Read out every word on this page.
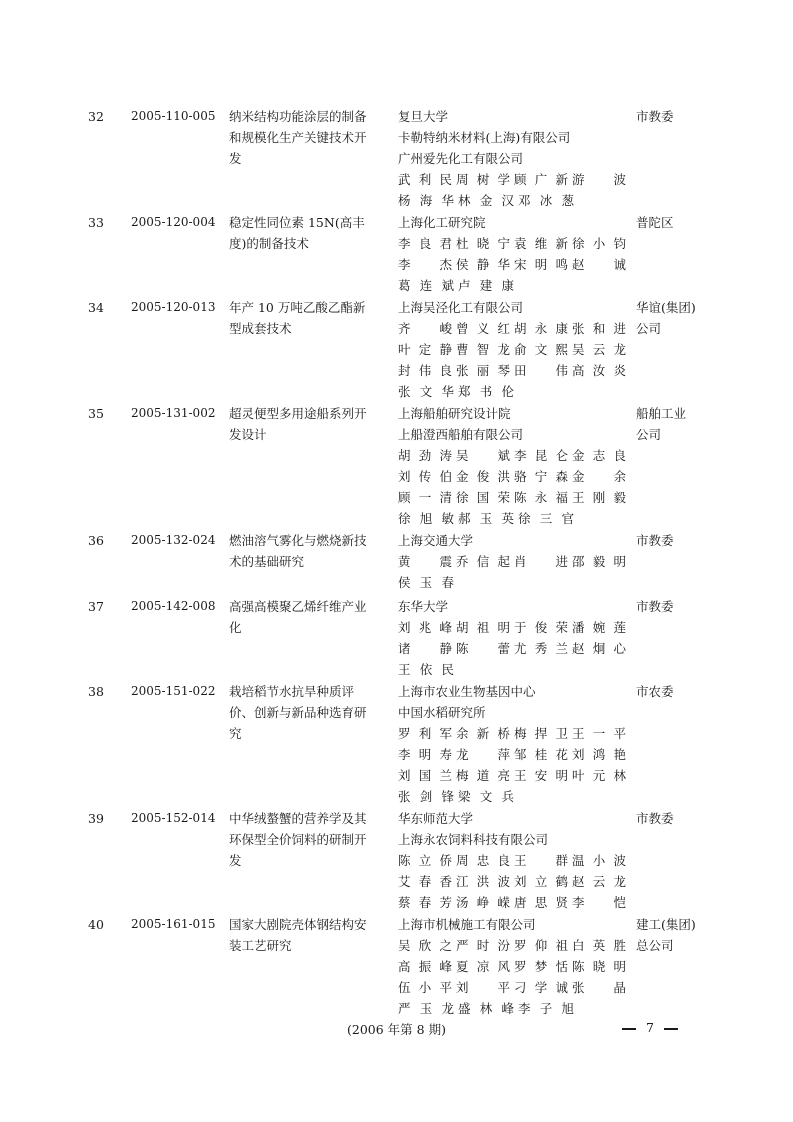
32	2005-110-005	纳米结构功能涂层的制备
和规模化生产关键技术开
发
复旦大学
卡勒特纳米材料(上海)有限公司
广州爱先化工有限公司
武利民 周树学 顾广新 游波
杨海华 林金汉 邓冰葱
市教委
33	2005-120-004	稳定性同位素 15N(高丰
度)的制备技术
上海化工研究院
李良君 杜晓宁 袁维新 徐小钧
李杰 侯静华 宋明鸣 赵诚
葛连斌 卢建康
普陀区
34	2005-120-013	年产 10 万吨乙酸乙酯新
型成套技术
上海吴泾化工有限公司
齐峻 曾义红 胡永康 张和进
叶定静 曹智龙 俞文熙 吴云龙
封伟良 张丽琴 田伟 高汝炎
张文华 郑书伦
华谊(集团)
公司
35	2005-131-002	超灵便型多用途船系列开
发设计
上海船舶研究设计院
上船澄西船舶有限公司
胡劲涛 吴斌 李昆仑 金志良
刘传伯 金俊洪 骆宁森 金余
顾一清 徐国荣 陈永福 王刚毅
徐旭敏 郝玉英 徐三官
船舶工业
公司
36	2005-132-024	燃油溶气雾化与燃烧新技
术的基础研究
上海交通大学
黄震 乔信起 肖进 邵毅明
侯玉春
市教委
37	2005-142-008	高强高模聚乙烯纤维产业
化
东华大学
刘兆峰 胡祖明 于俊荣 潘婉莲
诸静 陈蕾 尤秀兰 赵炯心
王依民
市教委
38	2005-151-022	栽培稻节水抗旱种质评
价、创新与新品种选育研
究
上海市农业生物基因中心
中国水稻研究所
罗利军 余新桥 梅捍卫 王一平
李明寿 龙萍 邹桂花 刘鸿艳
刘国兰 梅道亮 王安明 叶元林
张剑锋 梁文兵
市农委
39	2005-152-014	中华绒螯蟹的营养学及其
环保型全价饲料的研制开
发
华东师范大学
上海永农饲料科技有限公司
陈立侨 周忠良 王群 温小波
艾春香 江洪波 刘立鹤 赵云龙
蔡春芳 汤峥嵘 唐思贤 李恺
市教委
40	2005-161-015	国家大剧院壳体钢结构安
装工艺研究
上海市机械施工有限公司
吴欣之 严时汾 罗仰祖 白英胜
高振峰 夏凉风 罗梦恬 陈晓明
伍小平 刘平 刁学诚 张晶
严玉龙 盛林峰 李子旭
建工(集团)
总公司
(2006 年第 8 期)	7
